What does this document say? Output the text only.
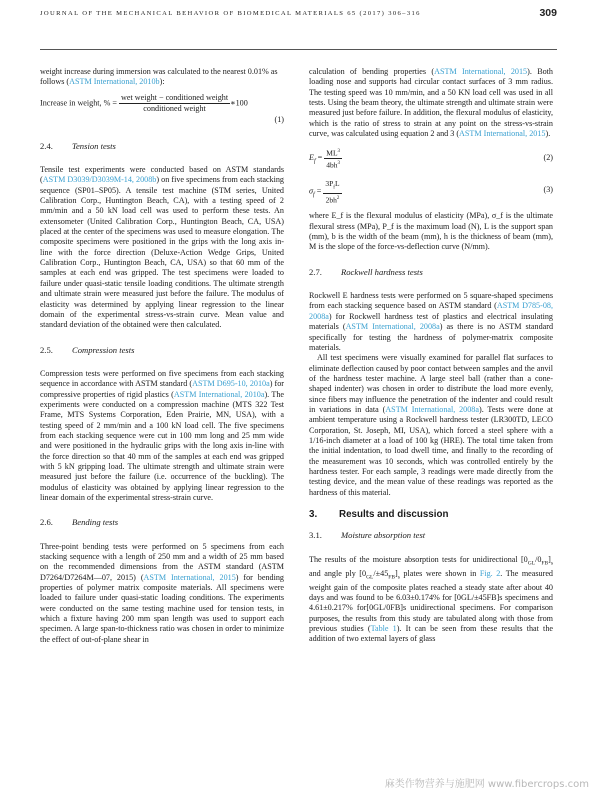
JOURNAL OF THE MECHANICAL BEHAVIOR OF BIOMEDICAL MATERIALS 65 (2017) 306–316	309

weight increase during immersion was calculated to the nearest 0.01% as follows (ASTM International, 2010b):

Increase in weight, % = $\frac{\text{wet weight − conditioned weight}}{\text{conditioned weight}}$ ∗100
(1)
2.4. Tension tests

Tensile test experiments were conducted based on ASTM standards (ASTM D3039/D3039M-14, 2008b) on five specimens from each stacking sequence (SP01–SP05). A tensile test machine (STM series, United Calibration Corp., Huntington Beach, CA), with a testing speed of 2 mm/min and a 50 kN load cell was used to perform these tests. An extensometer (United Calibration Corp., Huntington Beach, CA, USA) placed at the center of the specimens was used to measure elongation. The composite specimens were positioned in the grips with the long axis in-line with the force direction (Deluxe-Action Wedge Grips, United Calibration Corp., Huntington Beach, CA, USA) so that 60 mm of the samples at each end was gripped. The test specimens were loaded to failure under quasi-static tensile loading conditions. The ultimate strength and ultimate strain were measured just before the failure. The modulus of elasticity was determined by applying linear regression to the linear domain of the experimental stress-vs-strain curve. Mean value and standard deviation of the obtained were then calculated.

2.5. Compression tests

Compression tests were performed on five specimens from each stacking sequence in accordance with ASTM standard (ASTM D695-10, 2010a) for compressive properties of rigid plastics (ASTM International, 2010a). The experiments were conducted on a compression machine (MTS 322 Test Frame, MTS Systems Corporation, Eden Prairie, MN, USA), with a testing speed of 2 mm/min and a 100 kN load cell. The five specimens from each stacking sequence were cut in 100 mm long and 25 mm wide and were positioned in the hydraulic grips with the long axis in-line with the force direction so that 40 mm of the samples at each end was gripped with 5 kN gripping load. The ultimate strength and ultimate strain were measured just before the failure (i.e. occurrence of the buckling). The modulus of elasticity was obtained by applying linear regression to the linear domain of the experimental stress-strain curve.

2.6. Bending tests

Three-point bending tests were performed on 5 specimens from each stacking sequence with a length of 250 mm and a width of 25 mm based on the recommended dimensions from the ASTM standard (ASTM D7264/D7264M—07, 2015) (ASTM International, 2015) for bending properties of polymer matrix composite materials. All specimens were loaded to failure under quasi-static loading conditions. The experiments were conducted on the same testing machine used for tension tests, in which a fixture having 200 mm span length was used to support each specimen. A large span-to-thickness ratio was chosen in order to minimize the effect of out-of-plane shear in

calculation of bending properties (ASTM International, 2015). Both loading nose and supports had circular contact surfaces of 3 mm radius. The testing speed was 10 mm/min, and a 50 KN load cell was used in all tests. Using the beam theory, the ultimate strength and ultimate strain were measured just before failure. In addition, the flexural modulus of elasticity, which is the ratio of stress to strain at any point on the stress-vs-strain curve, was calculated using equation 2 and 3 (ASTM International, 2015).

$E_f = \frac{ML^3}{4bh^3}$	(2)
$\sigma_f = \frac{3P_fL}{2bh^2}$	(3)

where E_f is the flexural modulus of elasticity (MPa), σ_f is the ultimate flexural stress (MPa), P_f is the maximum load (N), L is the support span (mm), b is the width of the beam (mm), h is the thickness of beam (mm), M is the slope of the force-vs-deflection curve (N/mm).

2.7. Rockwell hardness tests

Rockwell E hardness tests were performed on 5 square-shaped specimens from each stacking sequence based on ASTM standard (ASTM D785-08, 2008a) for Rockwell hardness test of plastics and electrical insulating materials (ASTM International, 2008a) as there is no ASTM standard specifically for testing the hardness of polymer-matrix composite materials.

All test specimens were visually examined for parallel flat surfaces to eliminate deflection caused by poor contact between samples and the anvil of the hardness tester machine. A large steel ball (rather than a cone-shaped indenter) was chosen in order to distribute the load more evenly, since fibers may influence the penetration of the indenter and could result in variations in data (ASTM International, 2008a). Tests were done at ambient temperature using a Rockwell hardness tester (LR300TD, LECO Corporation, St. Joseph, MI, USA), which forced a steel sphere with a 1/16-inch diameter at a load of 100 kg (HRE). The total time taken from the initial indentation, to load dwell time, and finally to the recording of the measurement was 10 seconds, which was controlled entirely by the hardness tester. For each sample, 3 readings were made directly from the testing device, and the mean value of these readings was reported as the hardness of this material.

3. Results and discussion
3.1. Moisture absorption test

The results of the moisture absorption tests for unidirectional $[0_{GL}/0_{FB}]_s$ and angle ply $[0_{GL}/\pm 45_{FB}]_s$ plates were shown in Fig. 2. The measured weight gain of the composite plates reached a steady state after about 40 days and was found to be 6.03±0.174% for [0GL/±45FB]s specimens and 4.61±0.217% for[0GL/0FB]s unidirectional specimens. For comparison purposes, the results from this study are tabulated along with those from previous studies (Table 1). It can be seen from these results that the addition of two external layers of glass

麻类作物营养与施肥网 www.fibercrops.com
